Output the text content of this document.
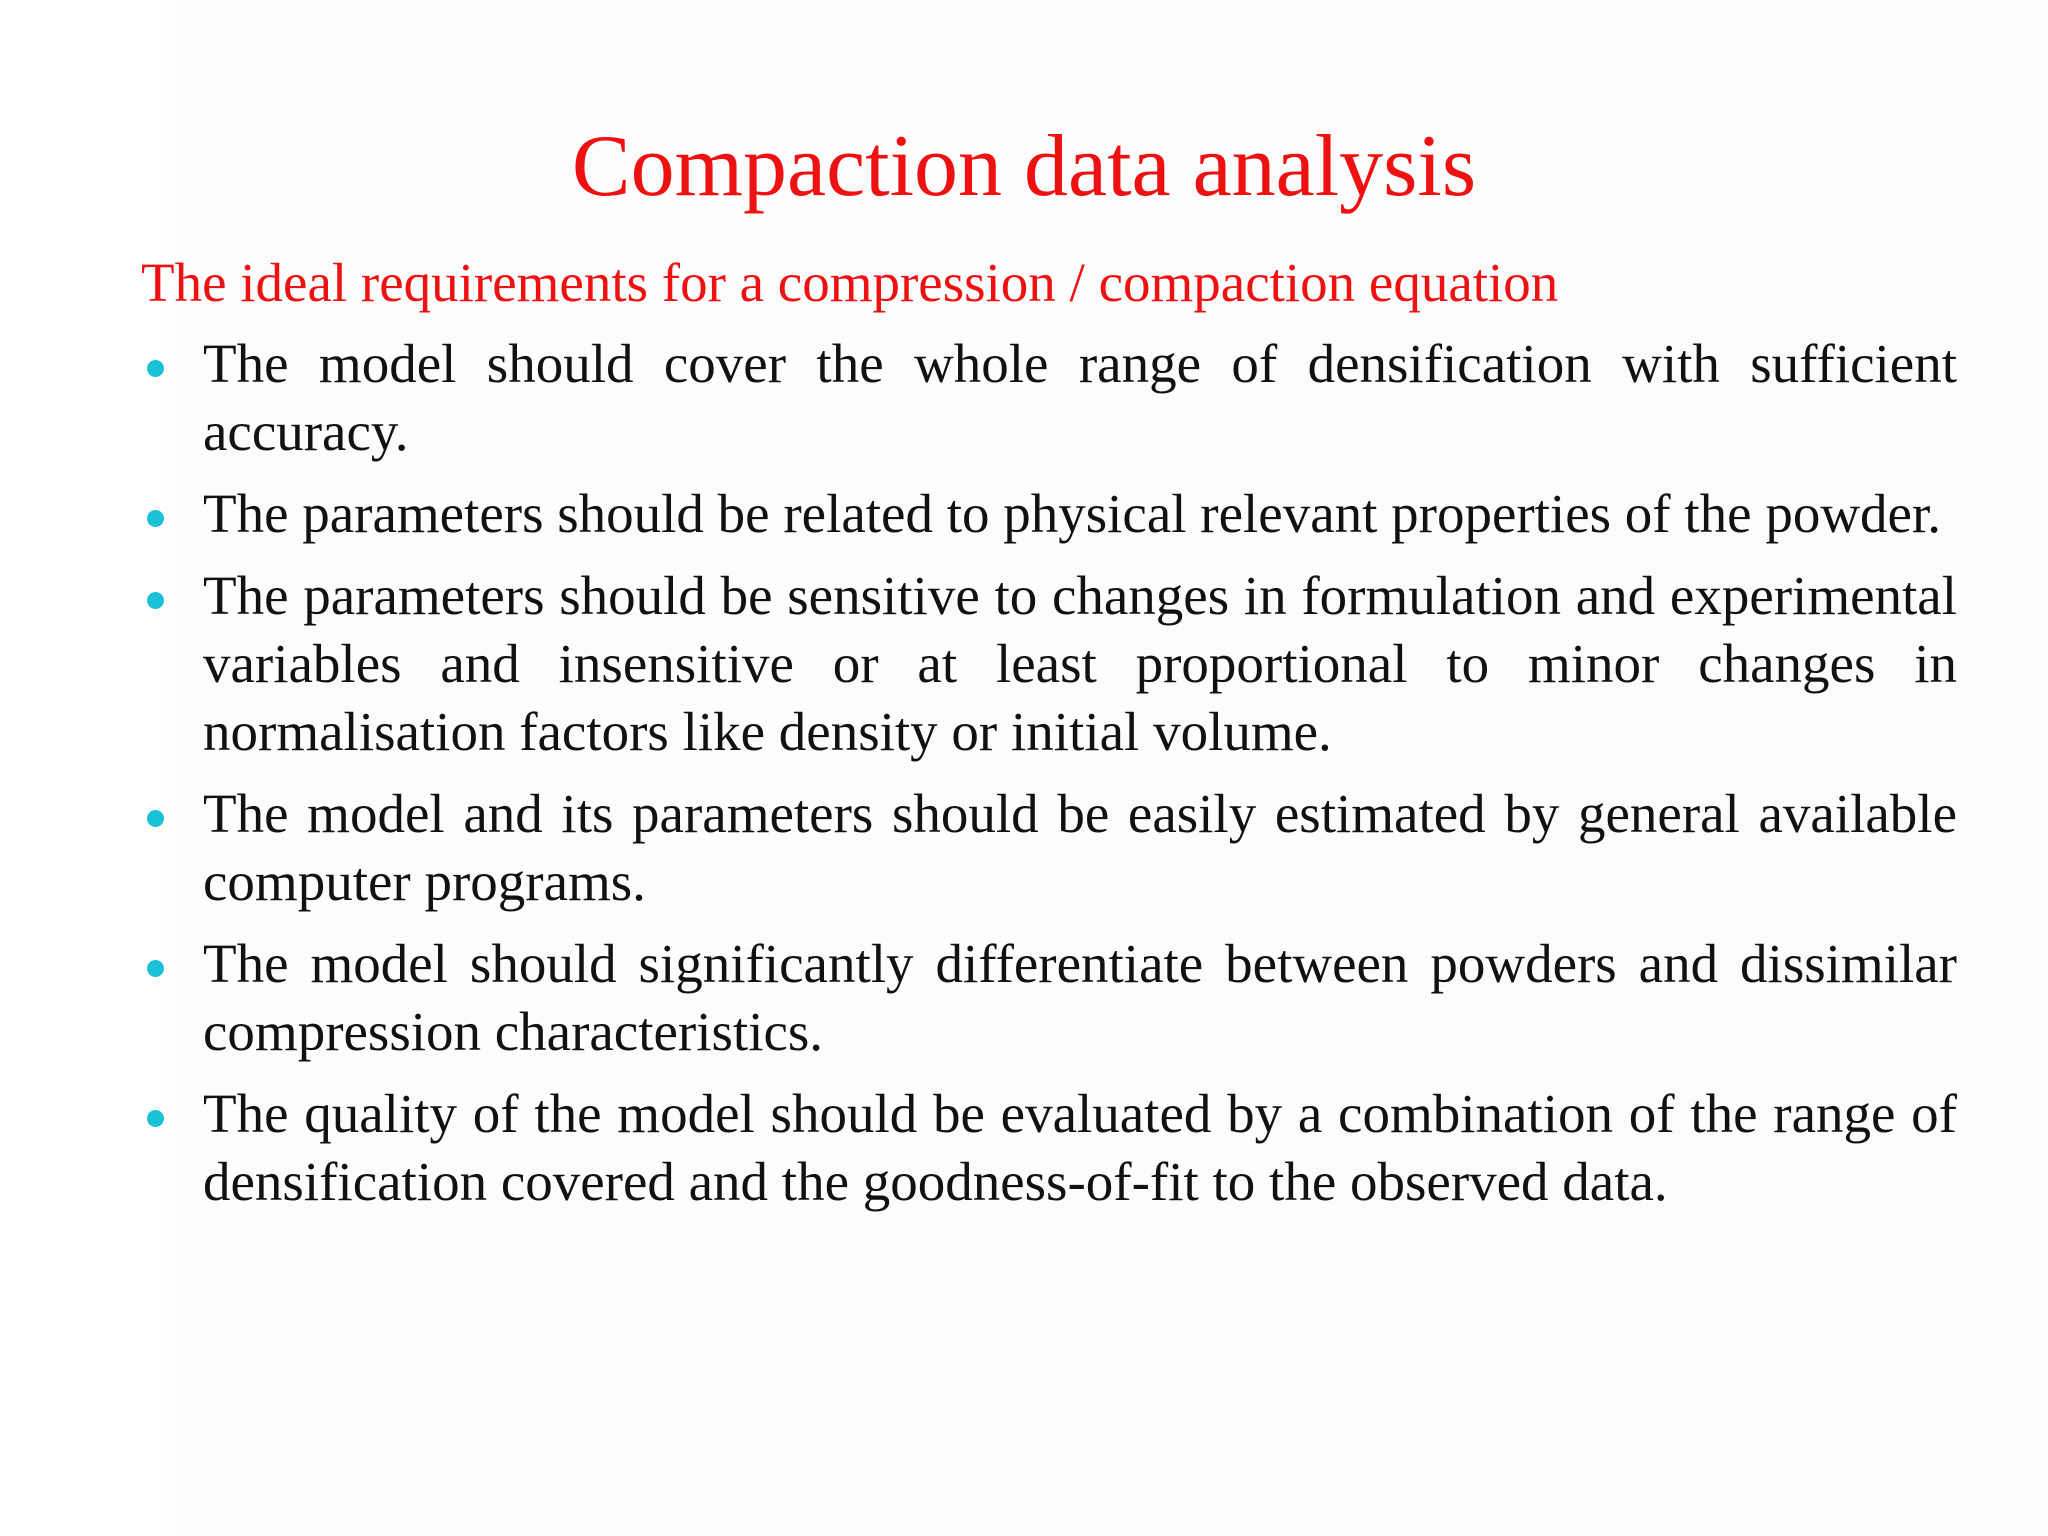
Compaction data analysis

The ideal requirements for a compression / compaction equation

The model should cover the whole range of densification with sufficient accuracy.
The parameters should be related to physical relevant properties of the powder.
The parameters should be sensitive to changes in formulation and experimental variables and insensitive or at least proportional to minor changes in normalisation factors like density or initial volume.
The model and its parameters should be easily estimated by general available computer programs.
The model should significantly differentiate between powders and dissimilar compression characteristics.
The quality of the model should be evaluated by a combination of the range of densification covered and the goodness-of-fit to the observed data.
